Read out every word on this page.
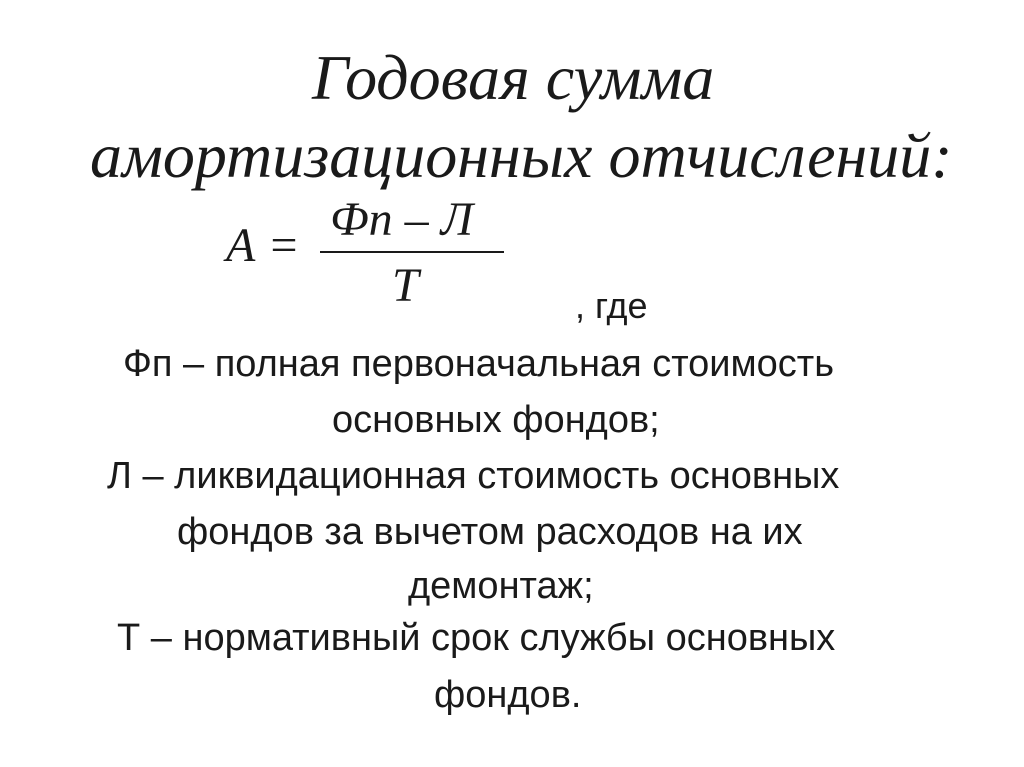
Годовая сумма
амортизационных отчислений:
А = Фп – Л
Т	, где
Фп – полная первоначальная стоимость
основных фондов;
Л – ликвидационная стоимость основных
фондов за вычетом расходов на их
демонтаж;
Т – нормативный срок службы основных
фондов.
